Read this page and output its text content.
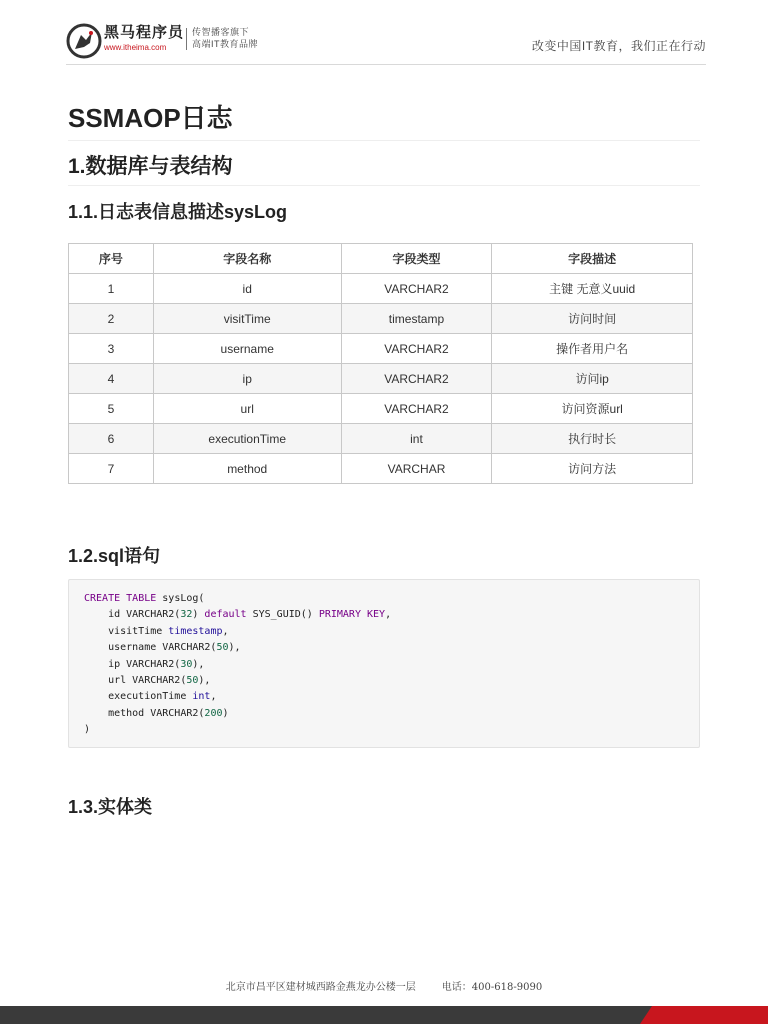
黑马程序员
www.itheima.com
传智播客旗下
高端IT教育品牌	改变中国IT教育，我们正在行动
SSMAOP日志
1.数据库与表结构
1.1.日志表信息描述sysLog
序号	字段名称	字段类型	字段描述
1	id	VARCHAR2	主键 无意义uuid
2	visitTime	timestamp	访问时间
3	username	VARCHAR2	操作者用户名
4	ip	VARCHAR2	访问ip
5	url	VARCHAR2	访问资源url
6	executionTime	int	执行时长
7	method	VARCHAR	访问方法
1.2.sql语句
CREATE TABLE sysLog(
id VARCHAR2(32) default SYS_GUID() PRIMARY KEY,
visitTime timestamp,
username VARCHAR2(50),
ip VARCHAR2(30),
url VARCHAR2(50),
executionTime int,
method VARCHAR2(200)
)
1.3.实体类
北京市昌平区建材城西路金燕龙办公楼一层	电话：400-618-9090
